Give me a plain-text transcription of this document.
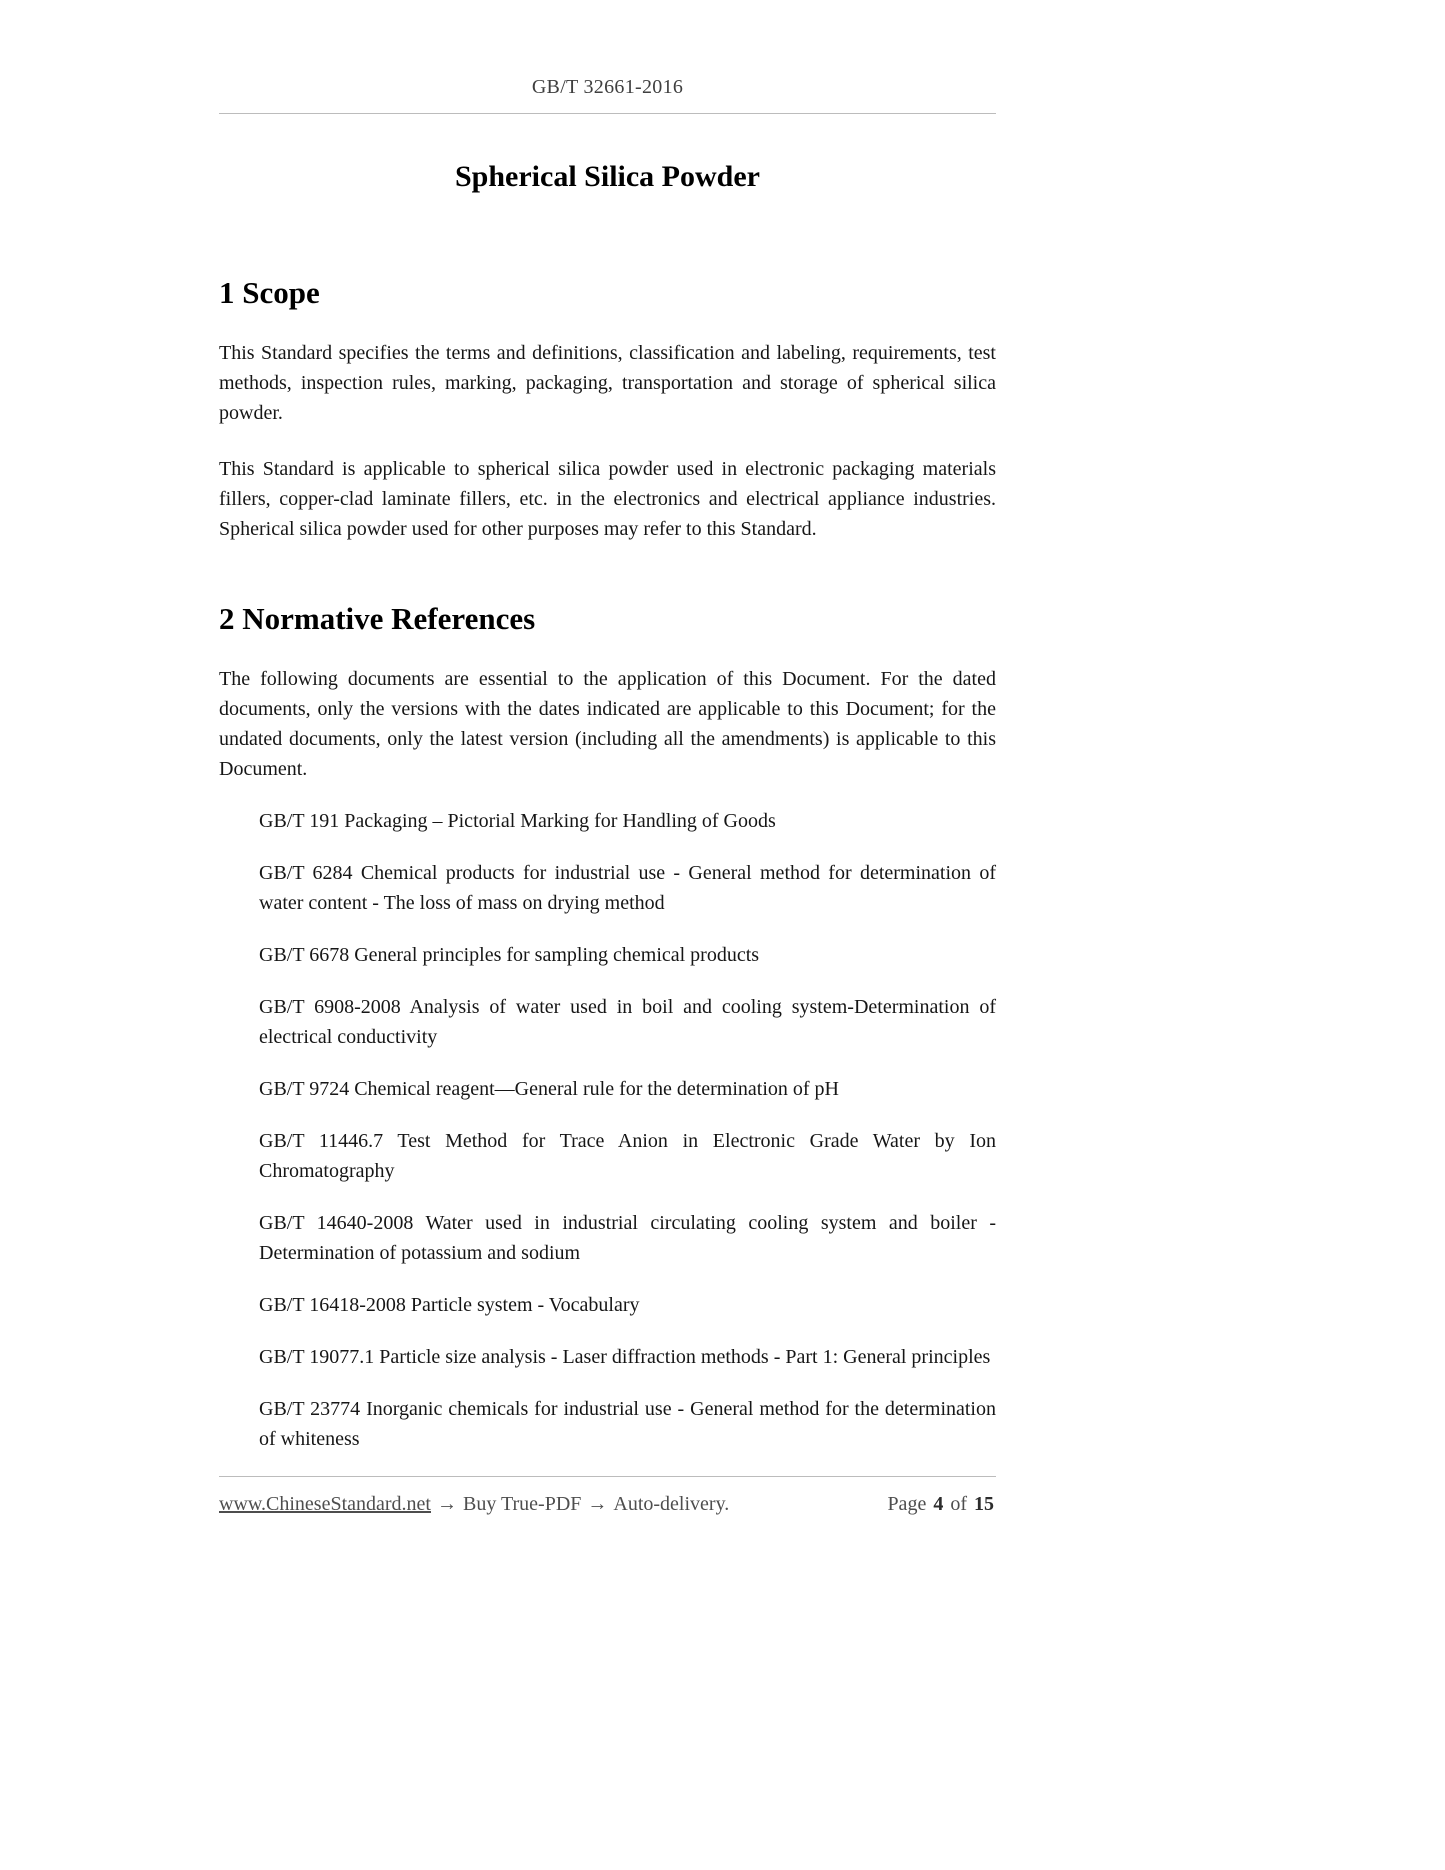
GB/T 32661-2016
Spherical Silica Powder
1 Scope

This Standard specifies the terms and definitions, classification and labeling, requirements, test methods, inspection rules, marking, packaging, transportation and storage of spherical silica powder.

This Standard is applicable to spherical silica powder used in electronic packaging materials fillers, copper-clad laminate fillers, etc. in the electronics and electrical appliance industries. Spherical silica powder used for other purposes may refer to this Standard.

2 Normative References

The following documents are essential to the application of this Document. For the dated documents, only the versions with the dates indicated are applicable to this Document; for the undated documents, only the latest version (including all the amendments) is applicable to this Document.

GB/T 191 Packaging – Pictorial Marking for Handling of Goods

GB/T 6284 Chemical products for industrial use - General method for determination of water content - The loss of mass on drying method

GB/T 6678 General principles for sampling chemical products

GB/T 6908-2008 Analysis of water used in boil and cooling system-Determination of electrical conductivity

GB/T 9724 Chemical reagent—General rule for the determination of pH

GB/T 11446.7 Test Method for Trace Anion in Electronic Grade Water by Ion Chromatography

GB/T 14640-2008 Water used in industrial circulating cooling system and boiler - Determination of potassium and sodium

GB/T 16418-2008 Particle system - Vocabulary

GB/T 19077.1 Particle size analysis - Laser diffraction methods - Part 1: General principles

GB/T 23774 Inorganic chemicals for industrial use - General method for the determination of whiteness

www.ChineseStandard.net → Buy True-PDF → Auto-delivery.	Page 4 of 15
